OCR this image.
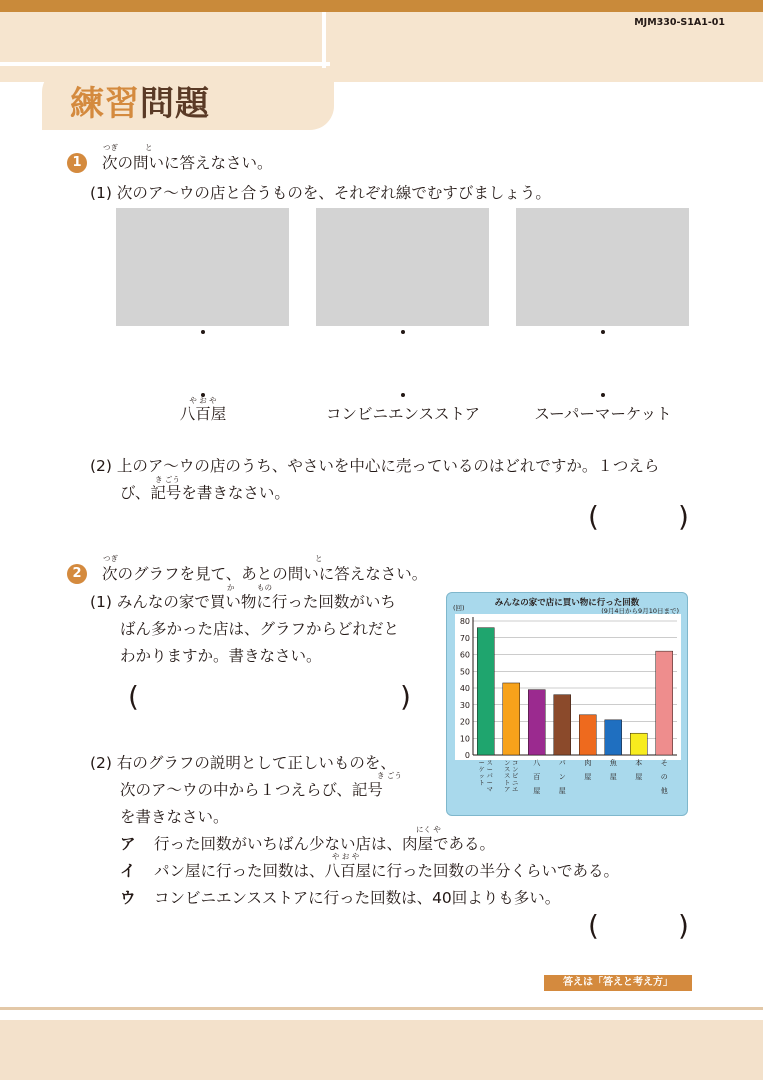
MJM330-S1A1-01
練習問題
1
つぎ	と
次の問いに答えなさい。
(1) 次のア〜ウの店と合うものを、それぞれ線でむすびましょう。
や お や
八百屋	コンビニエンスストア	スーパーマーケット
(2) 上のア〜ウの店のうち、やさいを中心に売っているのはどれですか。１つえら
き ごう
び、記号を書きなさい。
(	)
2
つぎ	と
次のグラフを見て、あとの問いに答えなさい。
か	もの
(1) みんなの家で買い物に行った回数がいち
ばん多かった店は、グラフからどれだと
わかりますか。書きなさい。
(	)
(2) 右のグラフの説明として正しいものを、
き ごう
次のア〜ウの中から１つえらび、記号
を書きなさい。
にく や
ア 行った回数がいちばん少ない店は、肉屋である。
や お や
イ パン屋に行った回数は、八百屋に行った回数の半分くらいである。
ウ コンビニエンスストアに行った回数は、40回よりも多い。
(	)
みんなの家で店に買い物に行った回数
(9月4日から9月10日まで)
(回)
0
10
20
30
40
50
60
70
80
スーパーマーケット
コンビニエンスストア
八百屋
パン屋
肉屋
魚屋
本屋
その他
答えは「答えと考え方」
